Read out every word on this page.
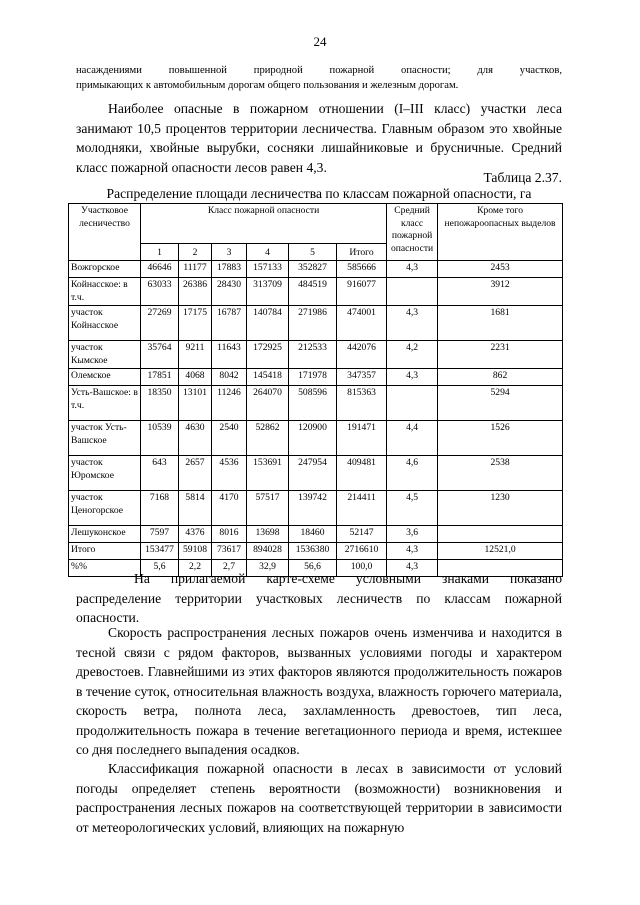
24
насаждениями повышенной природной пожарной опасности; для участков,
примыкающих к автомобильным дорогам общего пользования и железным дорогам.
Наиболее опасные в пожарном отношении (I–III класс) участки леса занимают 10,5 процентов территории лесничества. Главным образом это хвойные молодняки, хвойные вырубки, сосняки лишайниковые и брусничные. Средний класс пожарной опасности лесов равен 4,3.
Таблица 2.37.
Распределение площади лесничества по классам пожарной опасности, га
Участковое лесничество	Класс пожарной опасности						Средний класс пожарной опасности	Кроме того непожароопасных выделов
	1	2	3	4	5	Итого		
Вожгорское	46646	11177	17883	157133	352827	585666	4,3	2453
Койнасское: в т.ч.	63033	26386	28430	313709	484519	916077		3912
участок Койнасское	27269	17175	16787	140784	271986	474001	4,3	1681
участок Кымское	35764	9211	11643	172925	212533	442076	4,2	2231
Олемское	17851	4068	8042	145418	171978	347357	4,3	862
Усть-Вашское: в т.ч.	18350	13101	11246	264070	508596	815363		5294
участок Усть-Вашское	10539	4630	2540	52862	120900	191471	4,4	1526
участок Юромское	643	2657	4536	153691	247954	409481	4,6	2538
участок Ценогорское	7168	5814	4170	57517	139742	214411	4,5	1230
Лешуконское	7597	4376	8016	13698	18460	52147	3,6	
Итого	153477	59108	73617	894028	1536380	2716610	4,3	12521,0
%%	5,6	2,2	2,7	32,9	56,6	100,0	4,3	
На прилагаемой карте-схеме условными знаками показано распределение территории участковых лесничеств по классам пожарной опасности.
Скорость распространения лесных пожаров очень изменчива и находится в тесной связи с рядом факторов, вызванных условиями погоды и характером древостоев. Главнейшими из этих факторов являются продолжительность пожаров в течение суток, относительная влажность воздуха, влажность горючего материала, скорость ветра, полнота леса, захламленность древостоев, тип леса, продолжительность пожара в течение вегетационного периода и время, истекшее со дня последнего выпадения осадков.
Классификация пожарной опасности в лесах в зависимости от условий погоды определяет степень вероятности (возможности) возникновения и распространения лесных пожаров на соответствующей территории в зависимости от метеорологических условий, влияющих на пожарную
